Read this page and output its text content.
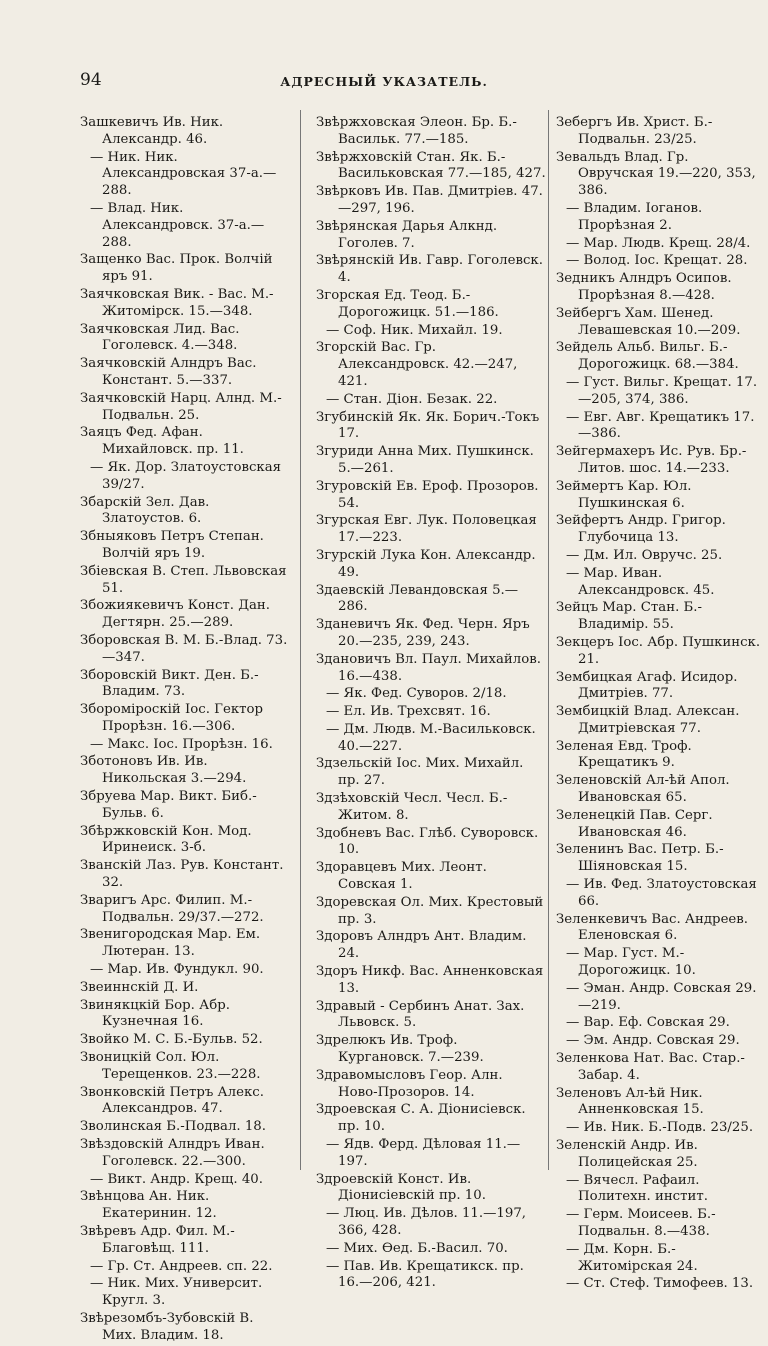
94	АДРЕСНЫЙ УКАЗАТЕЛЬ.
Зашкевичъ Ив. Ник. Александр. 46.
— Ник. Ник. Александровская 37-а.—288.
— Влад. Ник. Александровск. 37-а.—288.
Защенко Вас. Прок. Волчій яръ 91.
Заячковская Вик. - Вас. М.-Житомірск. 15.—348.
Заячковская Лид. Вас. Гоголевск. 4.—348.
Заячковскій Алндръ Вас. Констант. 5.—337.
Заячковскій Нарц. Алнд. М.-Подвальн. 25.
Заяцъ Фед. Афан. Михайловск. пр. 11.
— Як. Дор. Златоустовская 39/27.
Збарскій Зел. Дав. Златоустов. 6.
Збныяковъ Петръ Степан. Волчій яръ 19.
Збіевская В. Степ. Львовская 51.
Збожиякевичъ Конст. Дан. Дегтярн. 25.—289.
Зборовская В. М. Б.-Влад. 73.—347.
Зборовскій Викт. Ден. Б.-Владим. 73.
Збороміроскій Іос. Гектор Прорѣзн. 16.—306.
— Макс. Іос. Прорѣзн. 16.
Зботоновъ Ив. Ив. Никольская 3.—294.
Збруева Мар. Викт. Биб.-Бульв. 6.
Збѣржковскій Кон. Мод. Иринеиск. 3-б.
Званскій Лаз. Рув. Констант. 32.
Зваригъ Арс. Филип. М.-Подвальн. 29/37.—272.
Звенигородская Мар. Ем. Лютеран. 13.
— Мар. Ив. Фундукл. 90.
Звеиннскій Д. И.
Звинякцкій Бор. Абр. Кузнечная 16.
Звойко М. С. Б.-Бульв. 52.
Звоницкій Сол. Юл. Терещенков. 23.—228.
Звонковскій Петръ Алекс. Александров. 47.
Зволинская Б.-Подвал. 18.
Звѣздовскій Алндръ Иван. Гоголевск. 22.—300.
— Викт. Андр. Крещ. 40.
Звѣнцова Ан. Ник. Екатеринин. 12.
Звѣревъ Адр. Фил. М.-Благовѣщ. 111.
— Гр. Ст. Андреев. сп. 22.
— Ник. Мих. Университ. Кругл. 3.
Звѣрезомбъ-Зубовскій В. Мих. Владим. 18.
Звѣржховская Элеон. Бр. Б.-Васильк. 77.—185.
Звѣржховскій Стан. Як. Б.-Васильковская 77.—185, 427.
Звѣрковъ Ив. Пав. Дмитріев. 47.—297, 196.
Звѣрянская Дарья Алкнд. Гоголев. 7.
Звѣрянскій Ив. Гавр. Гоголевск. 4.
Згорская Ед. Теод. Б.-Дорогожицк. 51.—186.
— Соф. Ник. Михайл. 19.
Згорскій Вас. Гр. Александровск. 42.—247, 421.
— Стан. Діон. Безак. 22.
Згубинскій Як. Як. Борич.-Токъ 17.
Згуриди Анна Мих. Пушкинск. 5.—261.
Згуровскій Ев. Ероф. Прозоров. 54.
Згурская Евг. Лук. Половецкая 17.—223.
Згурскій Лука Кон. Александр. 49.
Здаевскій Левандовская 5.—286.
Зданевичъ Як. Фед. Черн. Яръ 20.—235, 239, 243.
Здановичъ Вл. Паул. Михайлов. 16.—438.
— Як. Фед. Суворов. 2/18.
— Ел. Ив. Трехсвят. 16.
— Дм. Людв. М.-Васильковск. 40.—227.
Здзельскій Іос. Мих. Михайл. пр. 27.
Здзѣховскій Чесл. Чесл. Б.-Житом. 8.
Здобневъ Вас. Глѣб. Суворовск. 10.
Здоравцевъ Мих. Леонт. Совская 1.
Здоревская Ол. Мих. Крестовый пр. 3.
Здоровъ Алндръ Ант. Владим. 24.
Здоръ Никф. Вас. Анненковская 13.
Здравый - Сербинъ Анат. Зах. Львовск. 5.
Здрелюкъ Ив. Троф. Кургановск. 7.—239.
Здравомысловъ Геор. Алн. Ново-Прозоров. 14.
Здроевская С. А. Діонисіевск. пр. 10.
— Ядв. Ферд. Дѣловая 11.—197.
Здроевскій Конст. Ив. Діонисіевскій пр. 10.
— Люц. Ив. Дѣлов. 11.—197, 366, 428.
— Мих. Өед. Б.-Васил. 70.
— Пав. Ив. Крещатикск. пр. 16.—206, 421.
Зебергъ Ив. Христ. Б.-Подвальн. 23/25.
Зевальдъ Влад. Гр. Овручская 19.—220, 353, 386.
— Владим. Іоганов. Прорѣзная 2.
— Мар. Людв. Крещ. 28/4.
— Волод. Іос. Крещат. 28.
Зедникъ Алндръ Осипов. Прорѣзная 8.—428.
Зейбергъ Хам. Шенед. Левашевская 10.—209.
Зейдель Альб. Вильг. Б.-Дорогожицк. 68.—384.
— Густ. Вильг. Крещат. 17.—205, 374, 386.
— Евг. Авг. Крещатикъ 17.—386.
Зейгермахеръ Ис. Рув. Бр.-Литов. шос. 14.—233.
Зеймертъ Кар. Юл. Пушкинская 6.
Зейфертъ Андр. Григор. Глубочица 13.
— Дм. Ил. Овручс. 25.
— Мар. Иван. Александровск. 45.
Зейцъ Мар. Стан. Б.-Владимір. 55.
Зекцеръ Іос. Абр. Пушкинск. 21.
Зембицкая Агаф. Исидор. Дмитріев. 77.
Зембицкій Влад. Алексан. Дмитріевская 77.
Зеленая Евд. Троф. Крещатикъ 9.
Зеленовскій Ал-ѣй Апол. Ивановская 65.
Зеленецкій Пав. Серг. Ивановская 46.
Зеленинъ Вас. Петр. Б.-Шіяновская 15.
— Ив. Фед. Златоустовская 66.
Зеленкевичъ Вас. Андреев. Еленовская 6.
— Мар. Густ. М.-Дорогожицк. 10.
— Эман. Андр. Совская 29.—219.
— Вар. Еф. Совская 29.
— Эм. Андр. Совская 29.
Зеленкова Нат. Вас. Стар.-Забар. 4.
Зеленовъ Ал-ѣй Ник. Анненковская 15.
— Ив. Ник. Б.-Подв. 23/25.
Зеленскій Андр. Ив. Полицейская 25.
— Вячесл. Рафаил. Политехн. инстит.
— Герм. Моисеев. Б.-Подвальн. 8.—438.
— Дм. Корн. Б.-Житомірская 24.
— Ст. Стеф. Тимофеев. 13.
